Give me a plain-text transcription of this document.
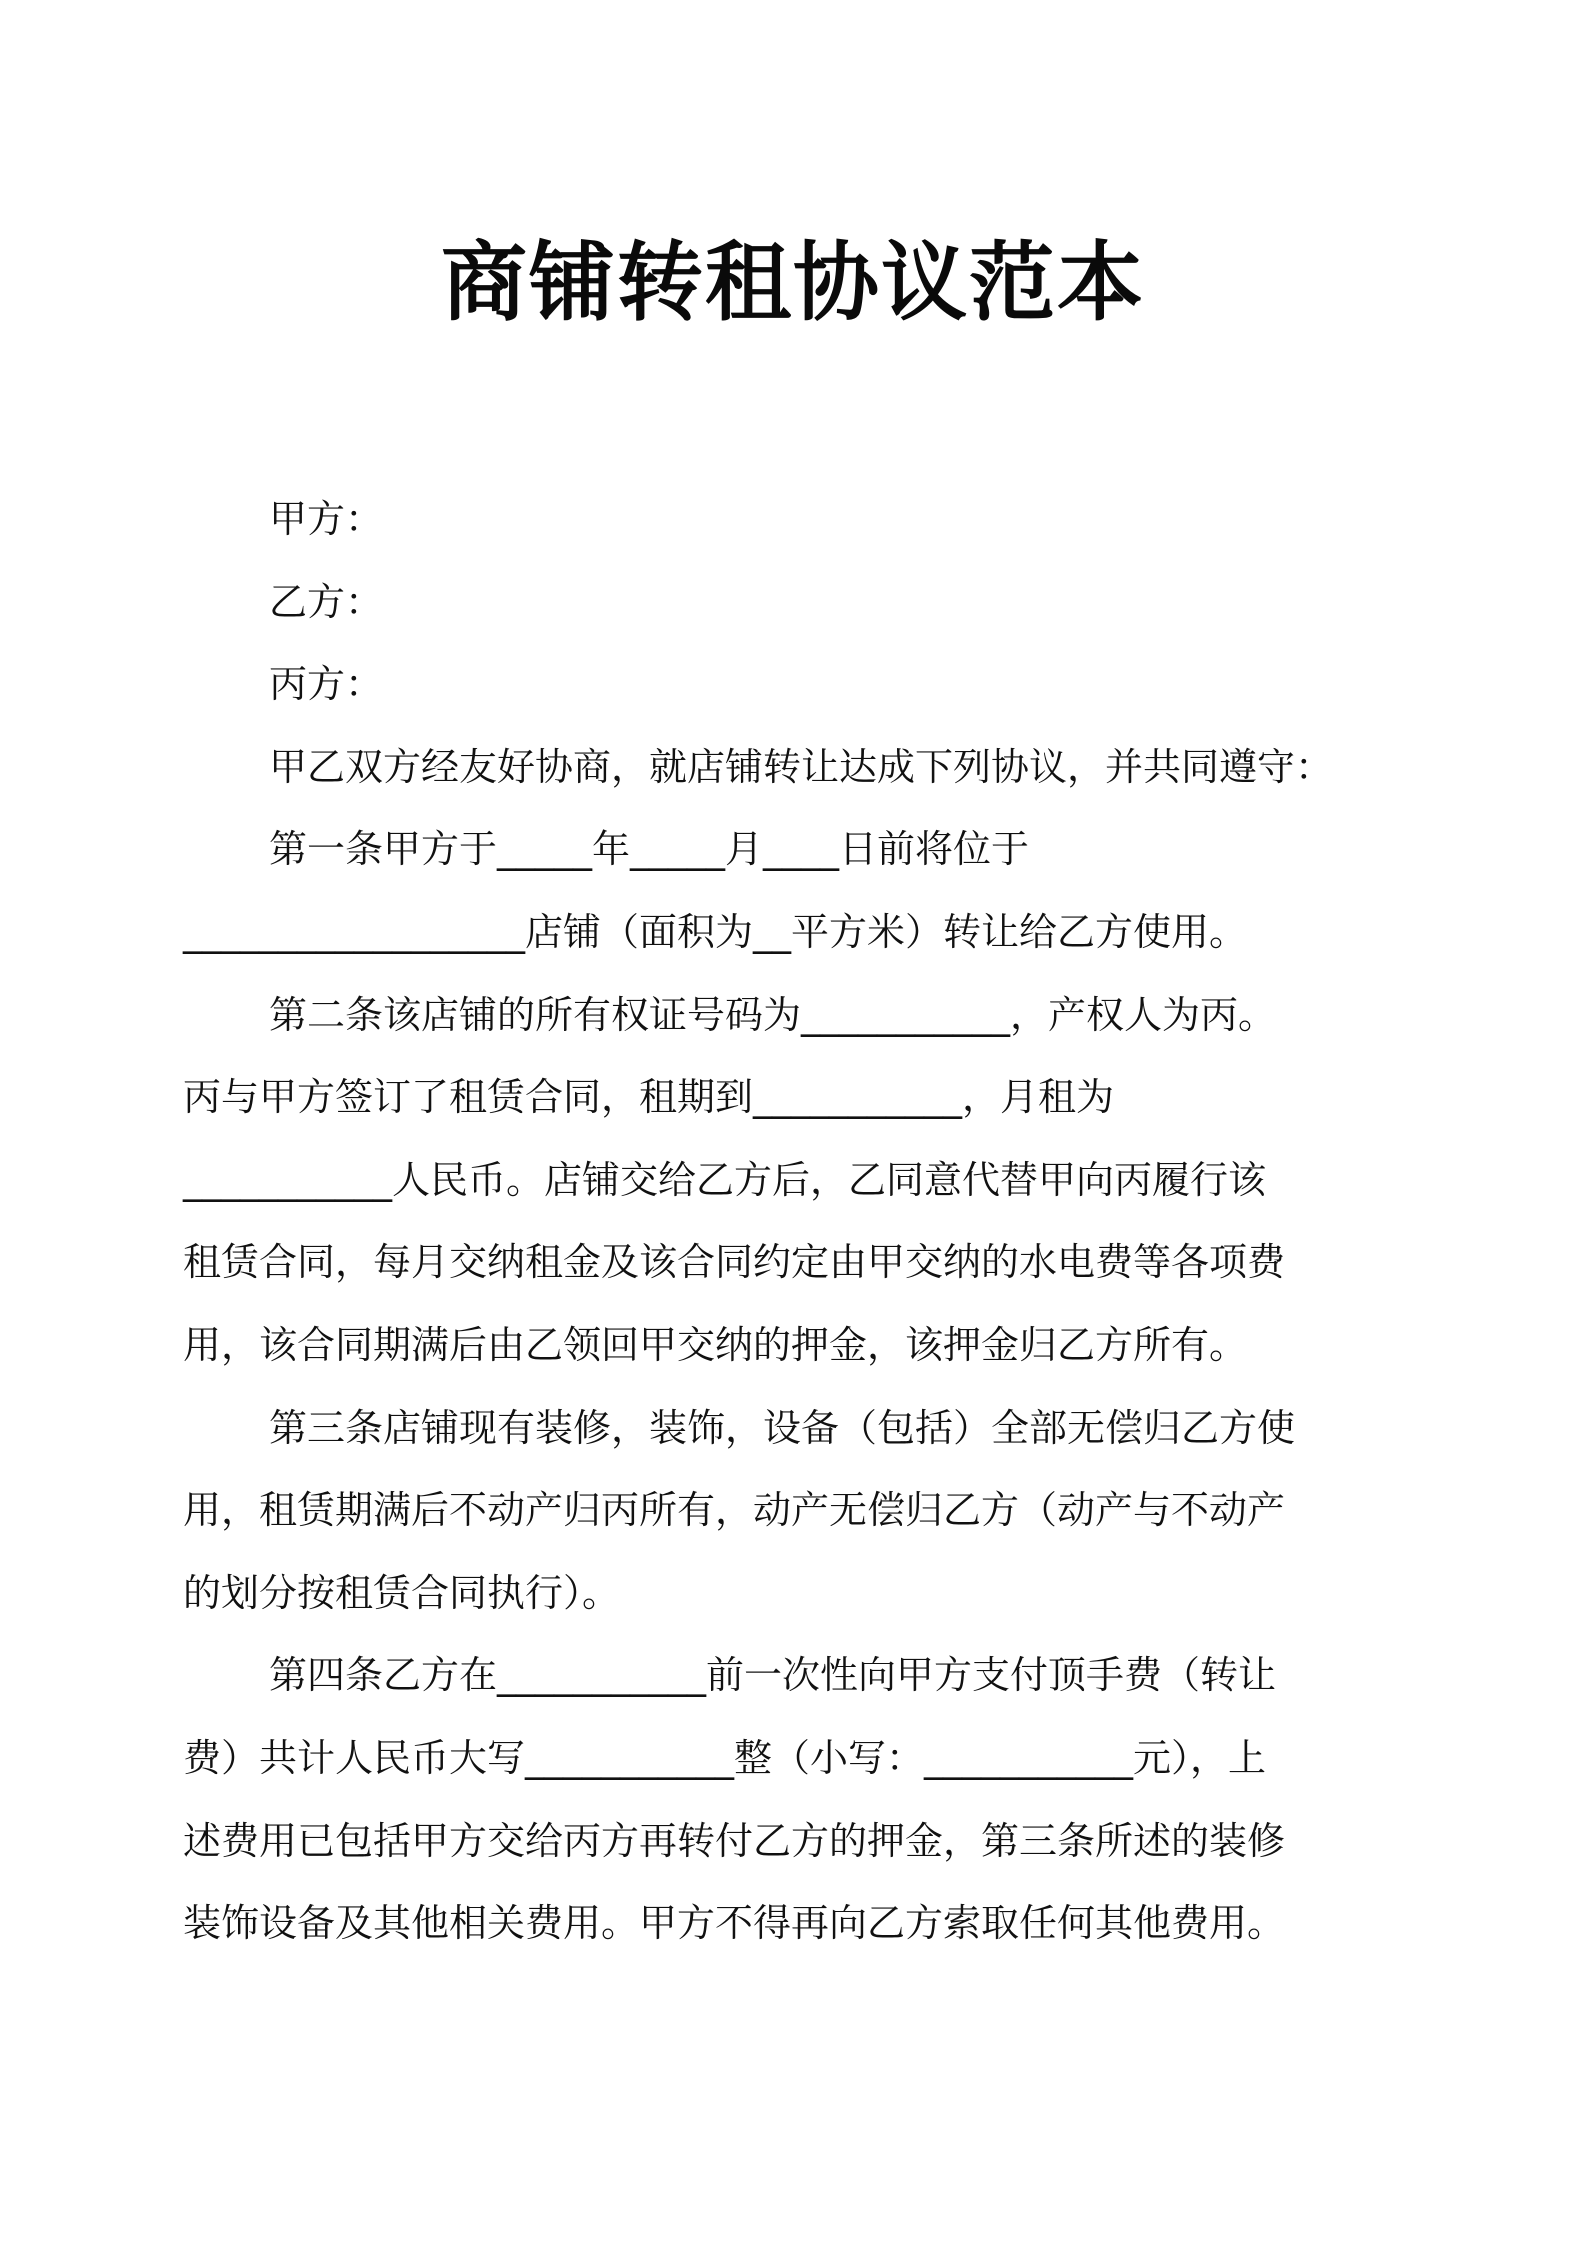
商铺转租协议范本
甲方：
乙方：
丙方：
甲乙双方经友好协商，就店铺转让达成下列协议，并共同遵守：
第一条甲方于_____年_____月____日前将位于
__________________店铺（面积为__平方米）转让给乙方使用。
第二条该店铺的所有权证号码为___________，产权人为丙。
丙与甲方签订了租赁合同，租期到___________，月租为
___________人民币。店铺交给乙方后，乙同意代替甲向丙履行该
租赁合同，每月交纳租金及该合同约定由甲交纳的水电费等各项费
用，该合同期满后由乙领回甲交纳的押金，该押金归乙方所有。
第三条店铺现有装修，装饰，设备（包括）全部无偿归乙方使
用，租赁期满后不动产归丙所有，动产无偿归乙方（动产与不动产
的划分按租赁合同执行）。
第四条乙方在___________前一次性向甲方支付顶手费（转让
费）共计人民币大写___________整（小写：___________元），上
述费用已包括甲方交给丙方再转付乙方的押金，第三条所述的装修
装饰设备及其他相关费用。甲方不得再向乙方索取任何其他费用。
